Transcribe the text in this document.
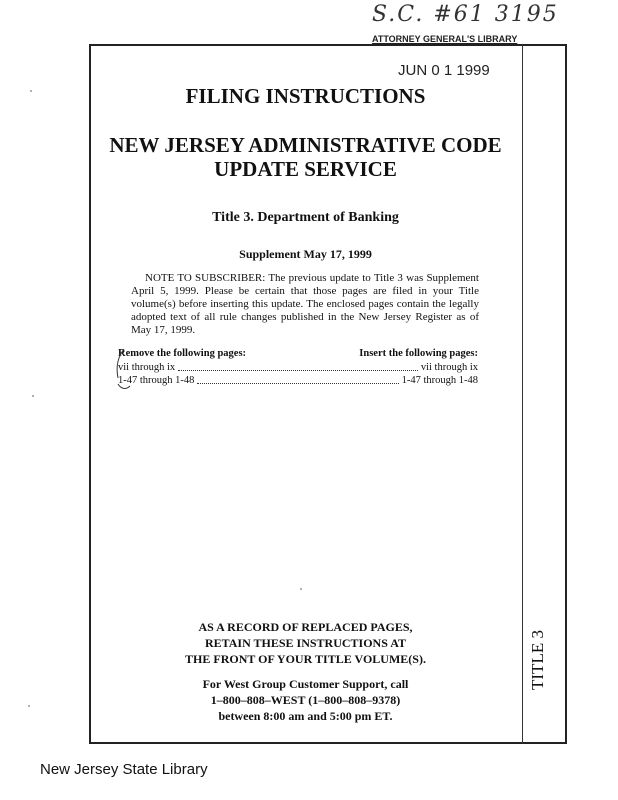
S.C. #61 3195
ATTORNEY GENERAL'S LIBRARY
JUN 0 1 1999
FILING INSTRUCTIONS
NEW JERSEY ADMINISTRATIVE CODE
UPDATE SERVICE
Title 3. Department of Banking
Supplement May 17, 1999
NOTE TO SUBSCRIBER: The previous update to Title 3 was Supplement April 5, 1999. Please be certain that those pages are filed in your Title volume(s) before inserting this update. The enclosed pages contain the legally adopted text of all rule changes published in the New Jersey Register as of May 17, 1999.
Remove the following pages:	Insert the following pages:
vii through ix	vii through ix
1-47 through 1-48	1-47 through 1-48
AS A RECORD OF REPLACED PAGES,
RETAIN THESE INSTRUCTIONS AT
THE FRONT OF YOUR TITLE VOLUME(S).
For West Group Customer Support, call
1–800–808–WEST (1–800–808–9378)
between 8:00 am and 5:00 pm ET.
TITLE 3
New Jersey State Library
